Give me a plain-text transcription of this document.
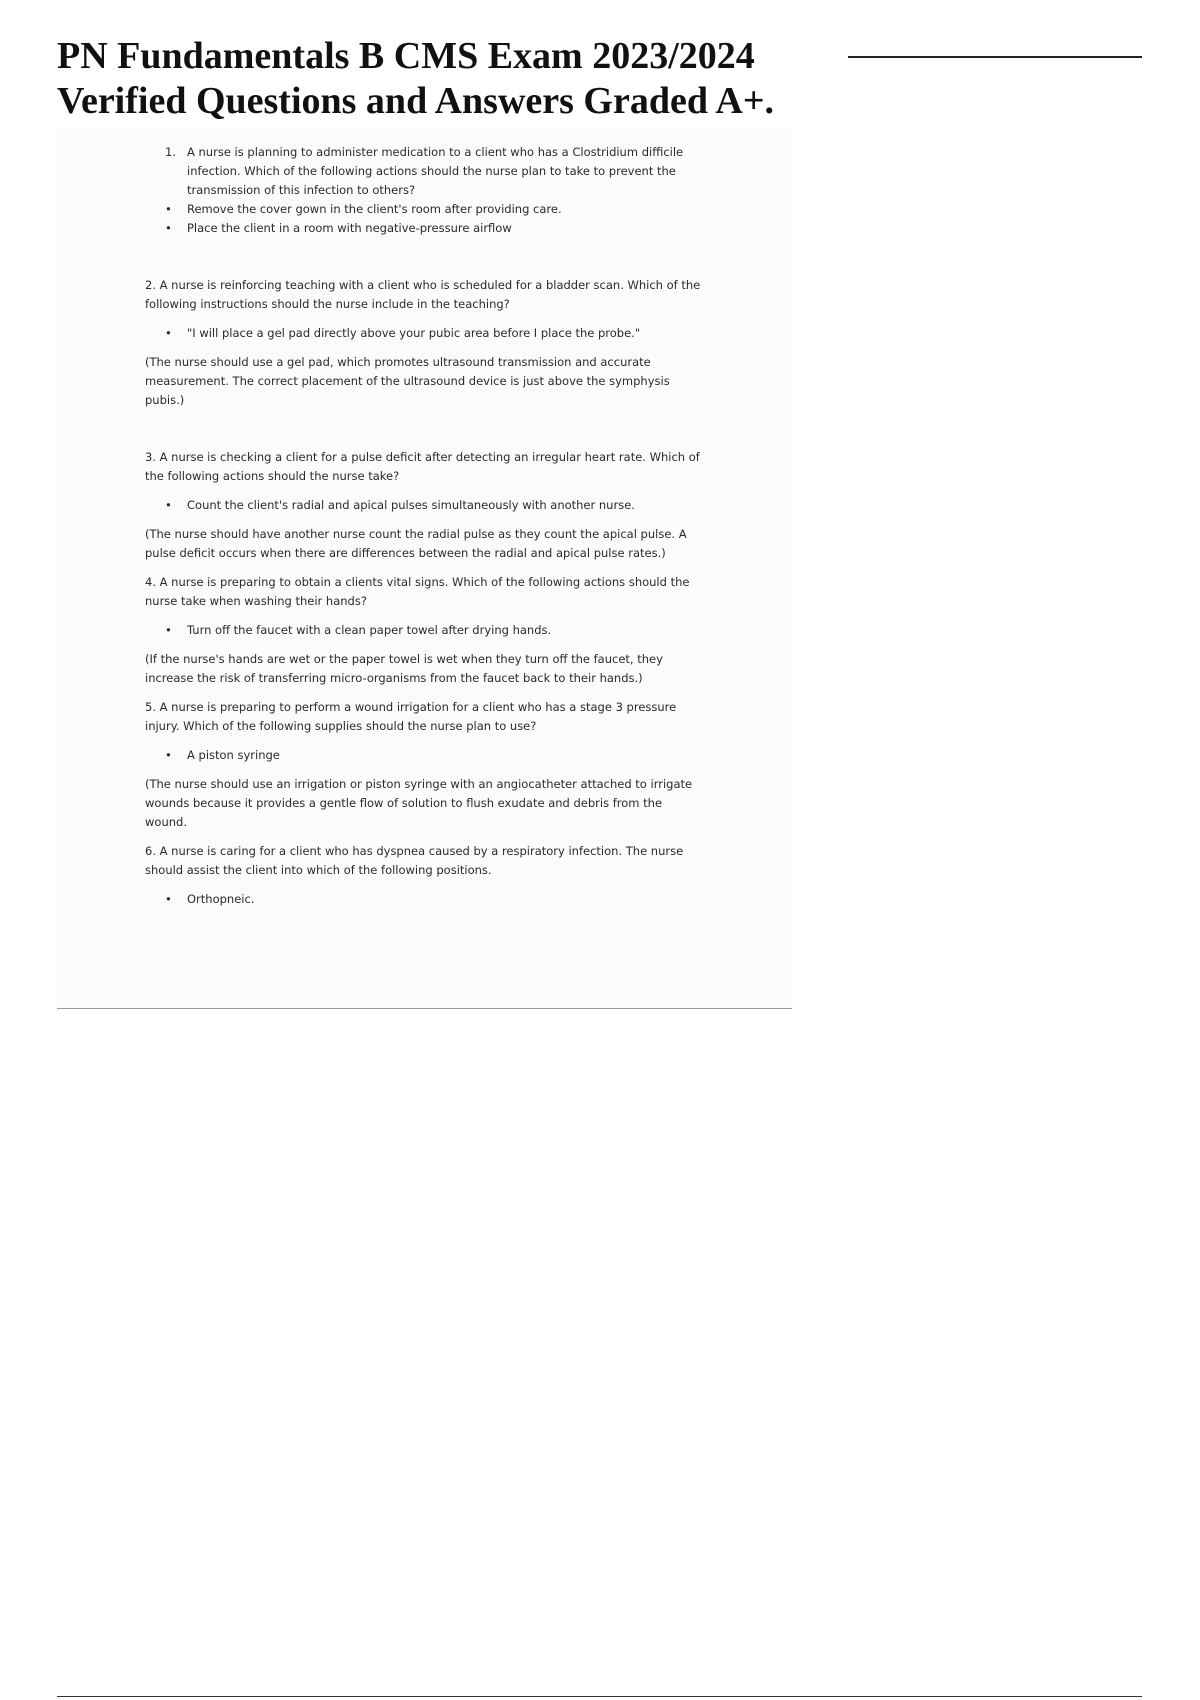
PN Fundamentals B CMS Exam 2023/2024
Verified Questions and Answers Graded A+.
1. A nurse is planning to administer medication to a client who has a Clostridium difficile infection. Which of the following actions should the nurse plan to take to prevent the transmission of this infection to others?
• Remove the cover gown in the client's room after providing care.
• Place the client in a room with negative-pressure airflow

2. A nurse is reinforcing teaching with a client who is scheduled for a bladder scan. Which of the following instructions should the nurse include in the teaching?

• "I will place a gel pad directly above your pubic area before I place the probe."

(The nurse should use a gel pad, which promotes ultrasound transmission and accurate measurement. The correct placement of the ultrasound device is just above the symphysis pubis.)

3. A nurse is checking a client for a pulse deficit after detecting an irregular heart rate. Which of the following actions should the nurse take?

• Count the client's radial and apical pulses simultaneously with another nurse.

(The nurse should have another nurse count the radial pulse as they count the apical pulse. A pulse deficit occurs when there are differences between the radial and apical pulse rates.)

4. A nurse is preparing to obtain a clients vital signs. Which of the following actions should the nurse take when washing their hands?

• Turn off the faucet with a clean paper towel after drying hands.

(If the nurse's hands are wet or the paper towel is wet when they turn off the faucet, they increase the risk of transferring micro-organisms from the faucet back to their hands.)

5. A nurse is preparing to perform a wound irrigation for a client who has a stage 3 pressure injury. Which of the following supplies should the nurse plan to use?

• A piston syringe

(The nurse should use an irrigation or piston syringe with an angiocatheter attached to irrigate wounds because it provides a gentle flow of solution to flush exudate and debris from the wound.

6. A nurse is caring for a client who has dyspnea caused by a respiratory infection. The nurse should assist the client into which of the following positions.

• Orthopneic.
